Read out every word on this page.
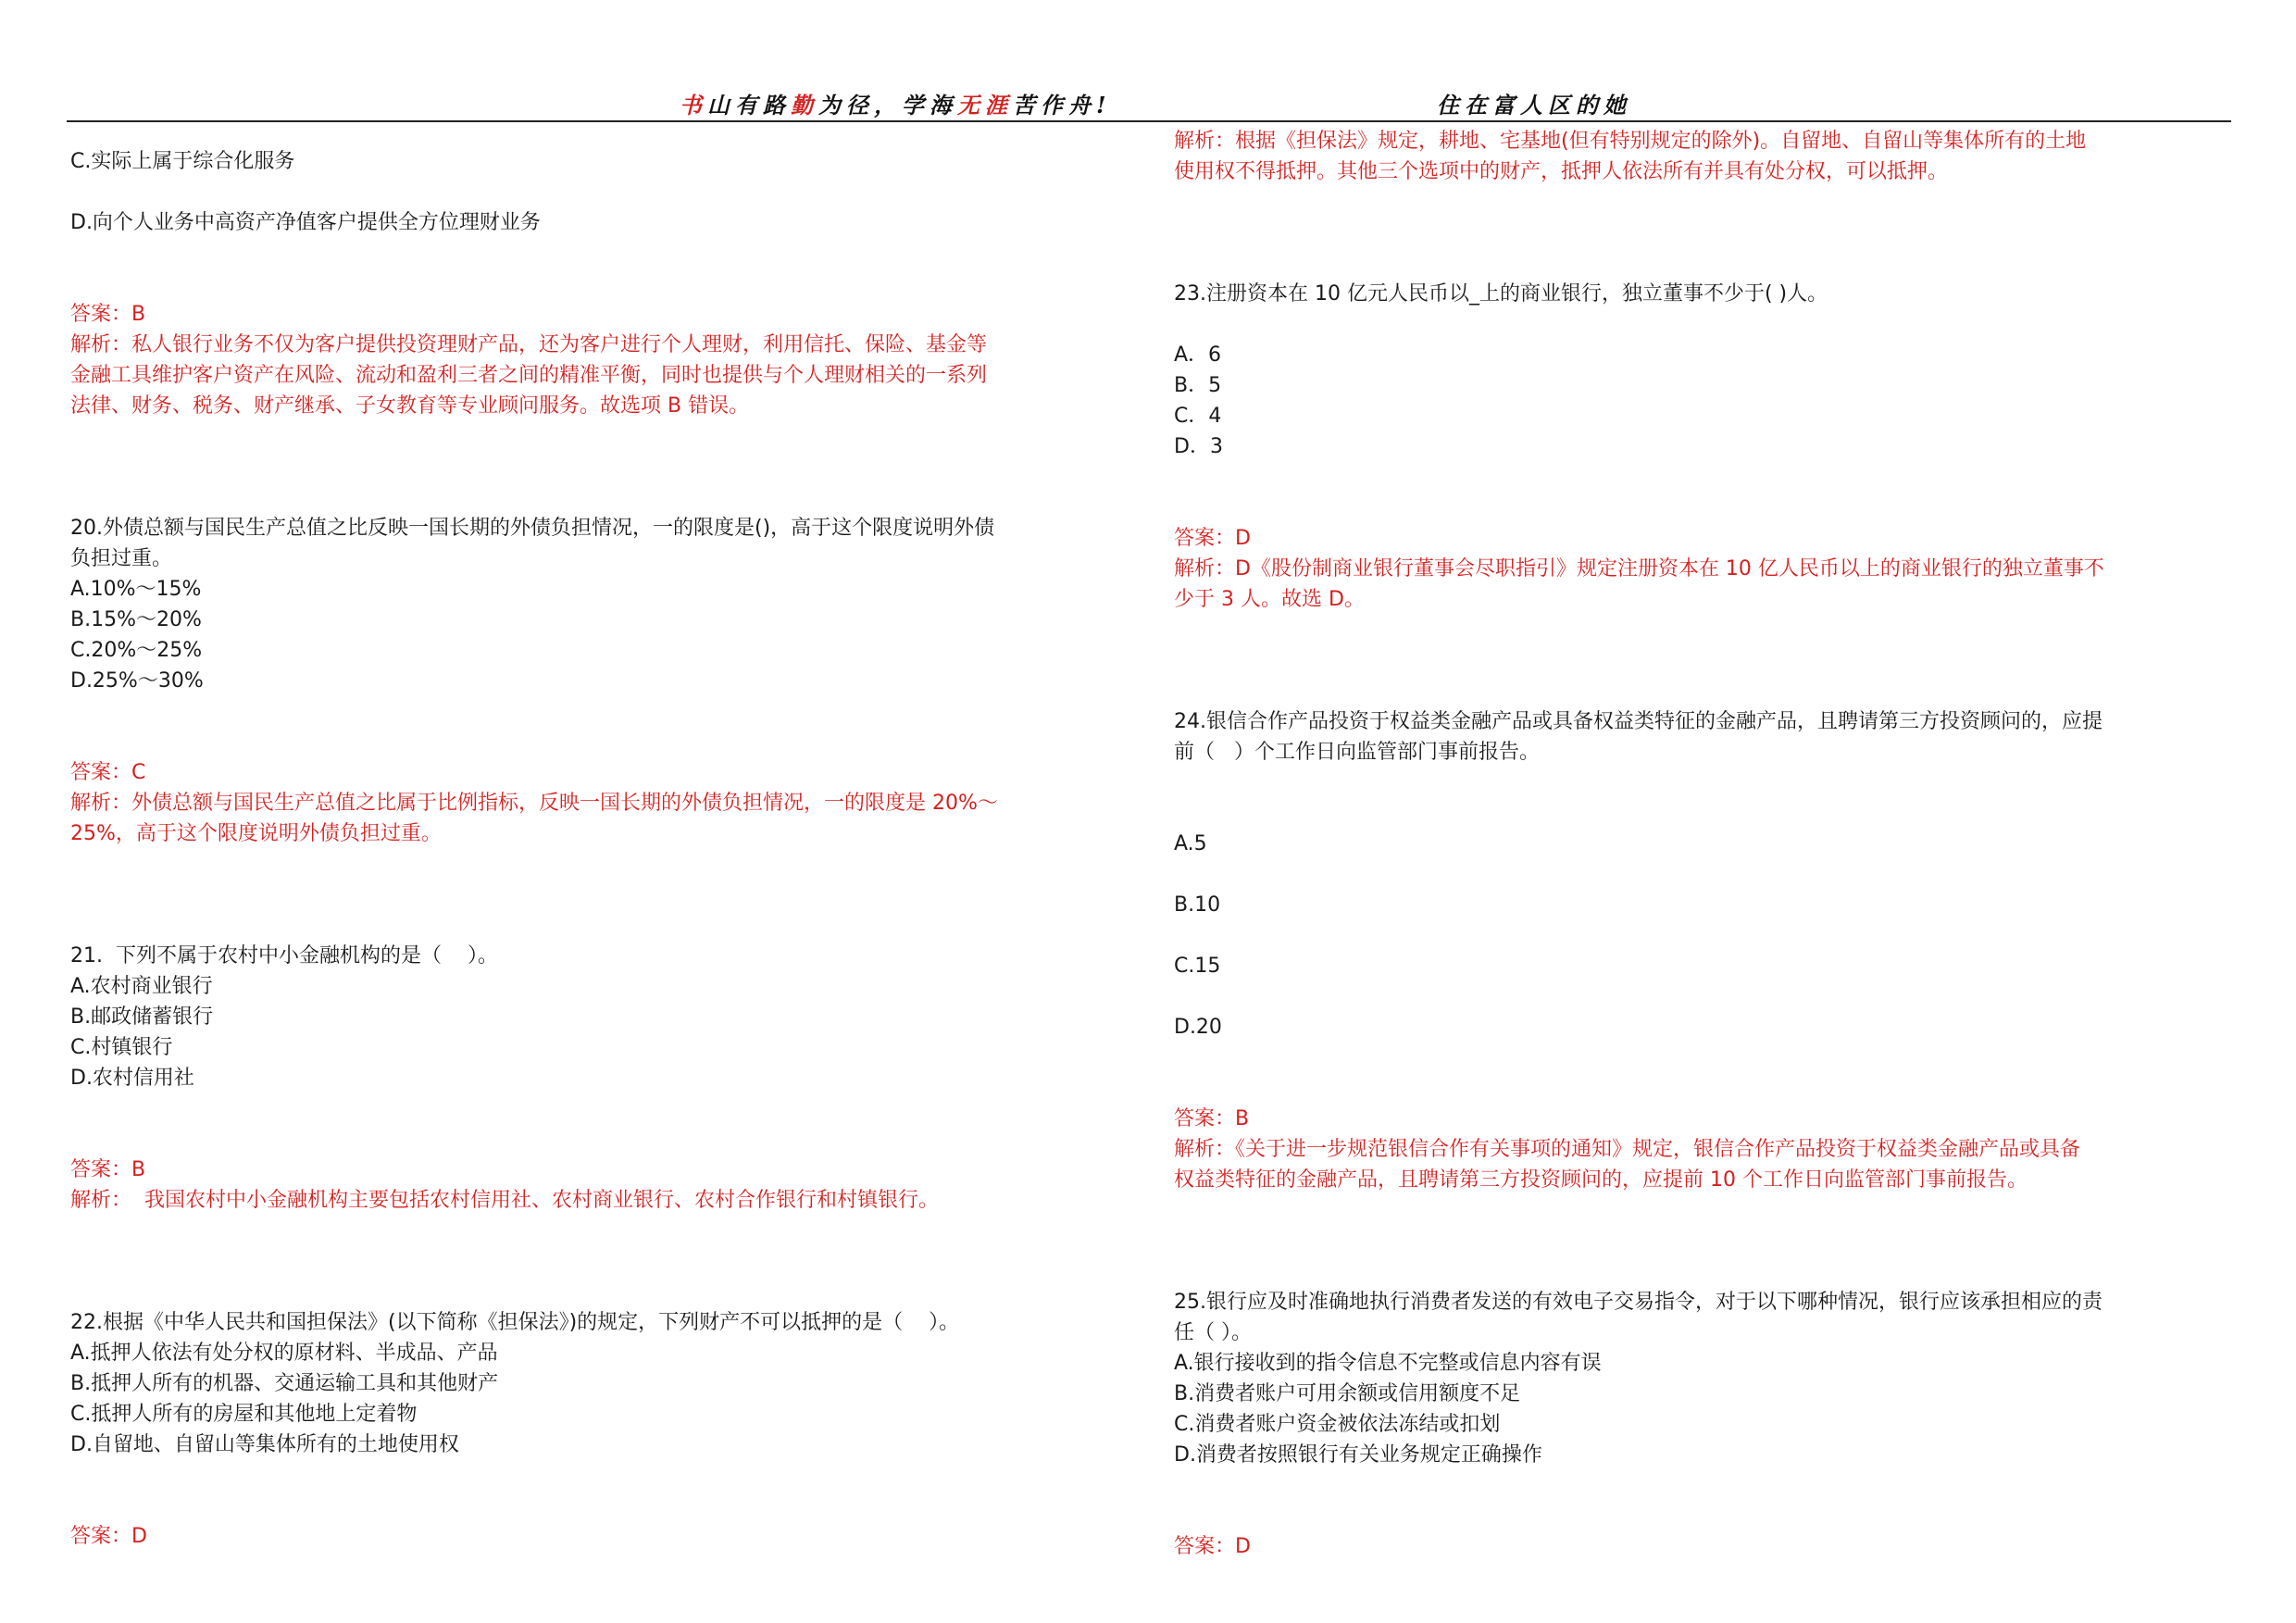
书山有路勤为径，学海无涯苦作舟!	住在富人区的她
C.实际上属于综合化服务
D.向个人业务中高资产净值客户提供全方位理财业务
答案：B
解析：私人银行业务不仅为客户提供投资理财产品，还为客户进行个人理财，利用信托、保险、基金等
金融工具维护客户资产在风险、流动和盈利三者之间的精准平衡，同时也提供与个人理财相关的一系列
法律、财务、税务、财产继承、子女教育等专业顾问服务。故选项 B 错误。
20.外债总额与国民生产总值之比反映一国长期的外债负担情况，一的限度是()，高于这个限度说明外债
负担过重。
A.10%～15%
B.15%～20%
C.20%～25%
D.25%～30%
答案：C
解析：外债总额与国民生产总值之比属于比例指标，反映一国长期的外债负担情况，一的限度是 20%～
25%，高于这个限度说明外债负担过重。
21.  下列不属于农村中小金融机构的是（    ）。
A.农村商业银行
B.邮政储蓄银行
C.村镇银行
D.农村信用社
答案：B
解析：  我国农村中小金融机构主要包括农村信用社、农村商业银行、农村合作银行和村镇银行。
22.根据《中华人民共和国担保法》(以下简称《担保法》)的规定，下列财产不可以抵押的是（    ）。
A.抵押人依法有处分权的原材料、半成品、产品
B.抵押人所有的机器、交通运输工具和其他财产
C.抵押人所有的房屋和其他地上定着物
D.自留地、自留山等集体所有的土地使用权
答案：D
解析：根据《担保法》规定，耕地、宅基地(但有特别规定的除外)。自留地、自留山等集体所有的土地
使用权不得抵押。其他三个选项中的财产，抵押人依法所有并具有处分权，可以抵押。
23.注册资本在 10 亿元人民币以_上的商业银行，独立董事不少于( )人。
A．6
B．5
C．4
D．3
答案：D
解析：D《股份制商业银行董事会尽职指引》规定注册资本在 10 亿人民币以上的商业银行的独立董事不
少于 3 人。故选 D。
24.银信合作产品投资于权益类金融产品或具备权益类特征的金融产品，且聘请第三方投资顾问的，应提
前（   ）个工作日向监管部门事前报告。
A.5
B.10
C.15
D.20
答案：B
解析：《关于进一步规范银信合作有关事项的通知》规定，银信合作产品投资于权益类金融产品或具备
权益类特征的金融产品，且聘请第三方投资顾问的，应提前 10 个工作日向监管部门事前报告。
25.银行应及时准确地执行消费者发送的有效电子交易指令，对于以下哪种情况，银行应该承担相应的责
任（ ）。
A.银行接收到的指令信息不完整或信息内容有误
B.消费者账户可用余额或信用额度不足
C.消费者账户资金被依法冻结或扣划
D.消费者按照银行有关业务规定正确操作
答案：D
